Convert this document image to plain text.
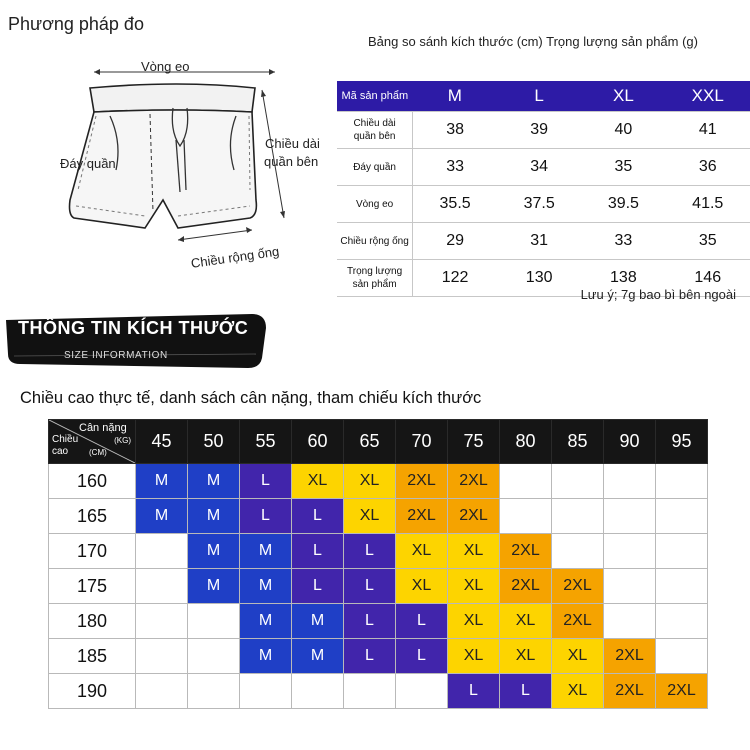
Phương pháp đo
Vòng eo
Đáy quần
Chiều dài
quần bên
Chiều rộng ống
Bảng so sánh kích thước (cm) Trọng lượng sản phẩm (g)
Mã sản phẩm	M	L	XL	XXL

Chiều dài
quần bên	38	39	40	41

Đáy quần	33	34	35	36

Vòng eo	35.5	37.5	39.5	41.5

Chiều rộng ống	29	31	33	35

Trọng lượng
sản phẩm	122	130	138	146
Lưu ý; 7g bao bì bên ngoài
THÔNG TIN KÍCH THƯỚC
SIZE INFORMATION
Chiều cao thực tế, danh sách cân nặng, tham chiếu kích thước
Cân nặng
(KG)
Chiều
cao (CM)	45	50	55	60	65	70	75	80	85	90	95
160	M	M	L	XL	XL	2XL	2XL				
165	M	M	L	L	XL	2XL	2XL				
170		M	M	L	L	XL	XL	2XL			
175		M	M	L	L	XL	XL	2XL	2XL		
180			M	M	L	L	XL	XL	2XL		
185			M	M	L	L	XL	XL	XL	2XL	
190							L	L	XL	2XL	2XL
